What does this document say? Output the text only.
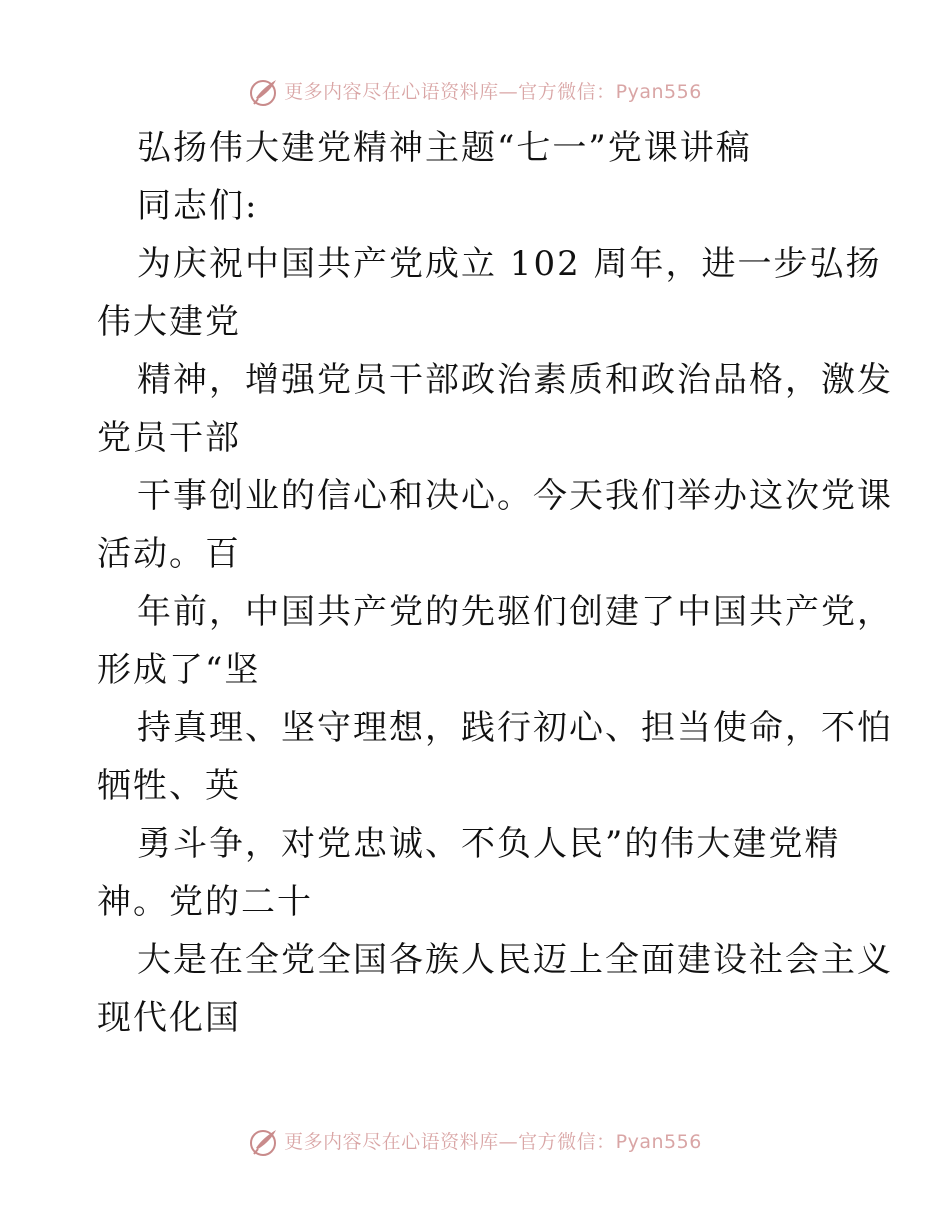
更多内容尽在心语资料库—官方微信：Pyan556
弘扬伟大建党精神主题“七一”党课讲稿
同志们:
为庆祝中国共产党成立 102 周年，进一步弘扬
伟大建党
精神，增强党员干部政治素质和政治品格，激发
党员干部
干事创业的信心和决心。今天我们举办这次党课
活动。百
年前，中国共产党的先驱们创建了中国共产党，
形成了“坚
持真理、坚守理想，践行初心、担当使命，不怕
牺牲、英
勇斗争，对党忠诚、不负人民”的伟大建党精
神。党的二十
大是在全党全国各族人民迈上全面建设社会主义
现代化国
更多内容尽在心语资料库—官方微信：Pyan556
